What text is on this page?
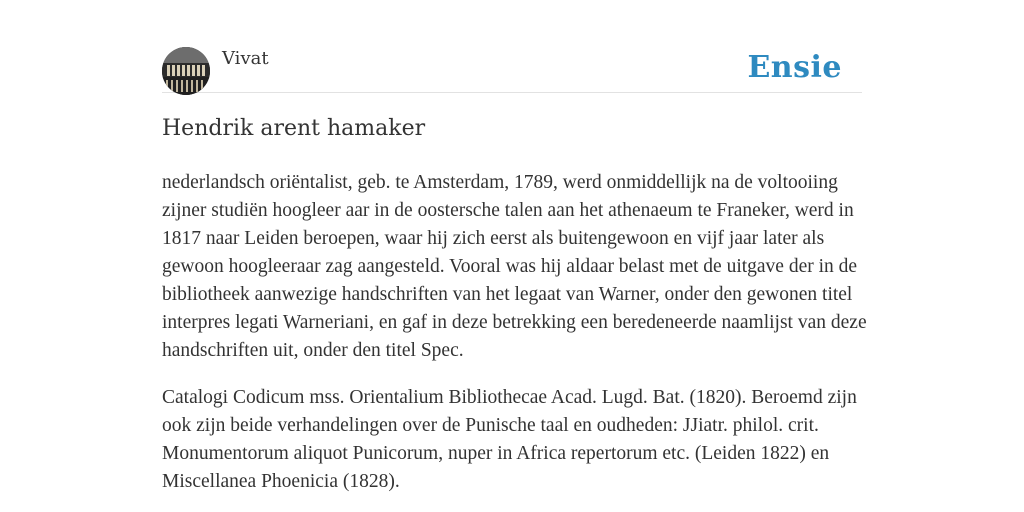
Vivat	Ensie
Hendrik arent hamaker

nederlandsch oriëntalist, geb. te Amsterdam, 1789, werd onmiddellijk na de voltooiing zijner studiën hoogleer aar in de oostersche talen aan het athenaeum te Franeker, werd in 1817 naar Leiden beroepen, waar hij zich eerst als buitengewoon en vijf jaar later als gewoon hoogleeraar zag aangesteld. Vooral was hij aldaar belast met de uitgave der in de bibliotheek aanwezige handschriften van het legaat van Warner, onder den gewonen titel interpres legati Warneriani, en gaf in deze betrekking een beredeneerde naamlijst van deze handschriften uit, onder den titel Spec.

Catalogi Codicum mss. Orientalium Bibliothecae Acad. Lugd. Bat. (1820). Beroemd zijn ook zijn beide verhandelingen over de Punische taal en oudheden: JJiatr. philol. crit. Monumentorum aliquot Punicorum, nuper in Africa repertorum etc. (Leiden 1822) en Miscellanea Phoenicia (1828).
